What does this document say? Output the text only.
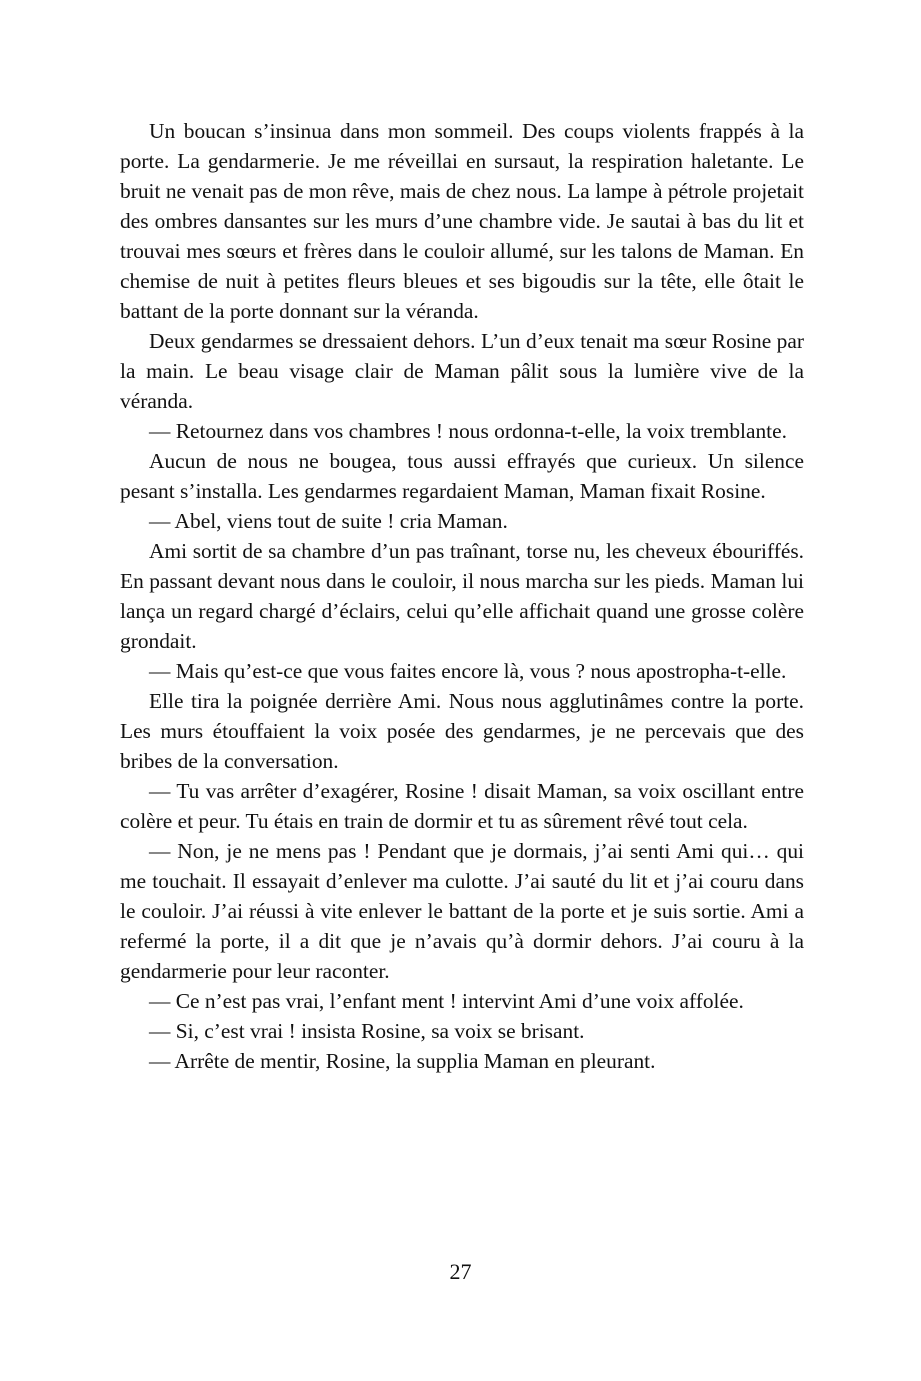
Un boucan s’insinua dans mon sommeil. Des coups violents frappés à la porte. La gendarmerie. Je me réveillai en sursaut, la respiration haletante. Le bruit ne venait pas de mon rêve, mais de chez nous. La lampe à pétrole projetait des ombres dansantes sur les murs d’une chambre vide. Je sautai à bas du lit et trouvai mes sœurs et frères dans le couloir allumé, sur les talons de Maman. En chemise de nuit à petites fleurs bleues et ses bigoudis sur la tête, elle ôtait le battant de la porte donnant sur la véranda.

Deux gendarmes se dressaient dehors. L’un d’eux tenait ma sœur Rosine par la main. Le beau visage clair de Maman pâlit sous la lumière vive de la véranda.

— Retournez dans vos chambres ! nous ordonna-t-elle, la voix tremblante.

Aucun de nous ne bougea, tous aussi effrayés que curieux. Un silence pesant s’installa. Les gendarmes regardaient Maman, Maman fixait Rosine.

— Abel, viens tout de suite ! cria Maman.

Ami sortit de sa chambre d’un pas traînant, torse nu, les cheveux ébouriffés. En passant devant nous dans le couloir, il nous marcha sur les pieds. Maman lui lança un regard chargé d’éclairs, celui qu’elle affichait quand une grosse colère grondait.

— Mais qu’est-ce que vous faites encore là, vous ? nous apostropha-t-elle.

Elle tira la poignée derrière Ami. Nous nous agglutinâmes contre la porte. Les murs étouffaient la voix posée des gendarmes, je ne percevais que des bribes de la conversation.

— Tu vas arrêter d’exagérer, Rosine ! disait Maman, sa voix oscillant entre colère et peur. Tu étais en train de dormir et tu as sûrement rêvé tout cela.

— Non, je ne mens pas ! Pendant que je dormais, j’ai senti Ami qui… qui me touchait. Il essayait d’enlever ma culotte. J’ai sauté du lit et j’ai couru dans le couloir. J’ai réussi à vite enlever le battant de la porte et je suis sortie. Ami a refermé la porte, il a dit que je n’avais qu’à dormir dehors. J’ai couru à la gendarmerie pour leur raconter.

— Ce n’est pas vrai, l’enfant ment ! intervint Ami d’une voix affolée.

— Si, c’est vrai ! insista Rosine, sa voix se brisant.

— Arrête de mentir, Rosine, la supplia Maman en pleurant.

27
